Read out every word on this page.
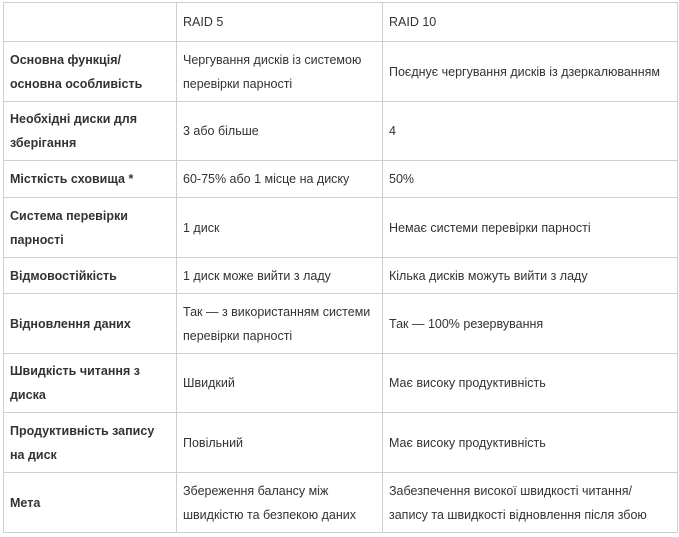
	RAID 5	RAID 10
Основна функція/ основна особливість	Чергування дисків із системою перевірки парності	Поєднує чергування дисків із дзеркалюванням
Необхідні диски для зберігання	3 або більше	4
Місткість сховища *	60-75% або 1 місце на диску	50%
Система перевірки парності	1 диск	Немає системи перевірки парності
Відмовостійкість	1 диск може вийти з ладу	Кілька дисків можуть вийти з ладу
Відновлення даних	Так — з використанням системи перевірки парності	Так — 100% резервування
Швидкість читання з диска	Швидкий	Має високу продуктивність
Продуктивність запису на диск	Повільний	Має високу продуктивність
Мета	Збереження балансу між швидкістю та безпекою даних	Забезпечення високої швидкості читання/ запису та швидкості відновлення після збою
